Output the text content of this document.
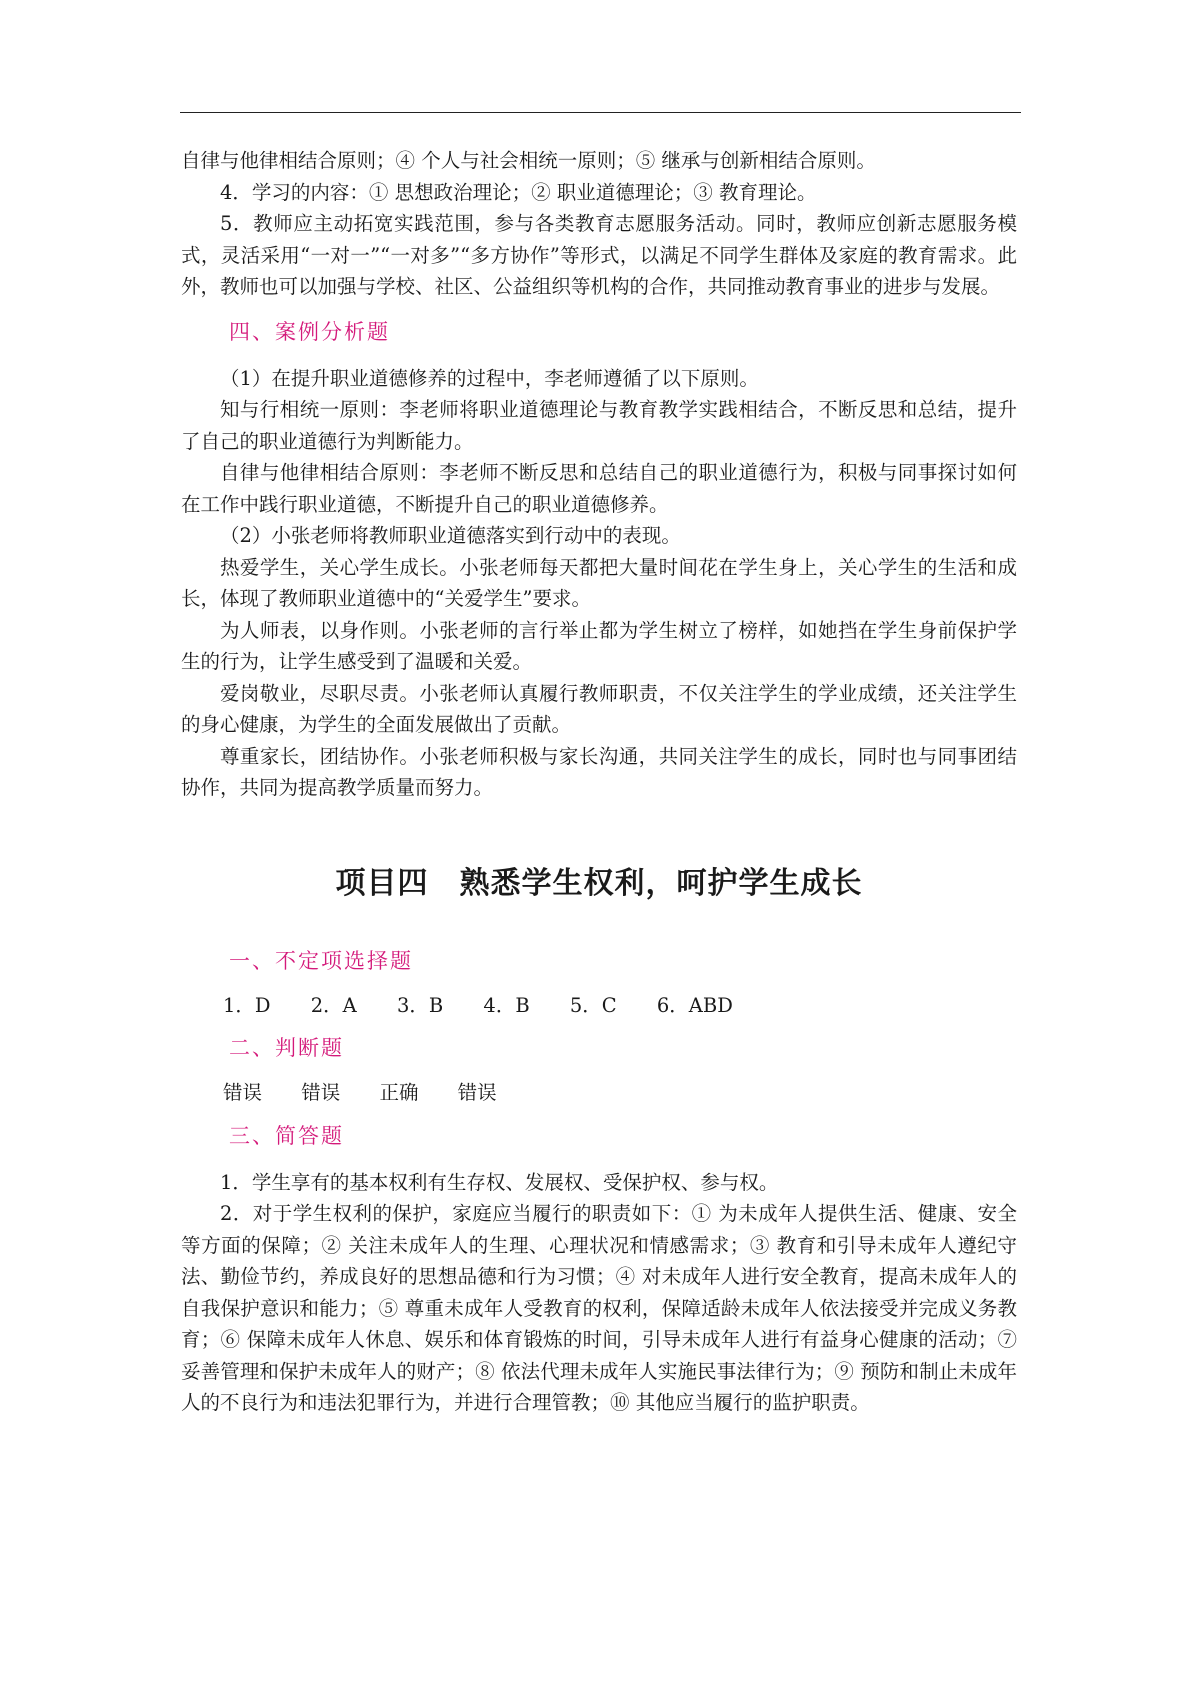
自律与他律相结合原则；④ 个人与社会相统一原则；⑤ 继承与创新相结合原则。

4．学习的内容：① 思想政治理论；② 职业道德理论；③ 教育理论。

5．教师应主动拓宽实践范围，参与各类教育志愿服务活动。同时，教师应创新志愿服务模式，灵活采用“一对一”“一对多”“多方协作”等形式，以满足不同学生群体及家庭的教育需求。此外，教师也可以加强与学校、社区、公益组织等机构的合作，共同推动教育事业的进步与发展。

四、案例分析题

（1）在提升职业道德修养的过程中，李老师遵循了以下原则。

知与行相统一原则：李老师将职业道德理论与教育教学实践相结合，不断反思和总结，提升了自己的职业道德行为判断能力。

自律与他律相结合原则：李老师不断反思和总结自己的职业道德行为，积极与同事探讨如何在工作中践行职业道德，不断提升自己的职业道德修养。

（2）小张老师将教师职业道德落实到行动中的表现。

热爱学生，关心学生成长。小张老师每天都把大量时间花在学生身上，关心学生的生活和成长，体现了教师职业道德中的“关爱学生”要求。

为人师表，以身作则。小张老师的言行举止都为学生树立了榜样，如她挡在学生身前保护学生的行为，让学生感受到了温暖和关爱。

爱岗敬业，尽职尽责。小张老师认真履行教师职责，不仅关注学生的学业成绩，还关注学生的身心健康，为学生的全面发展做出了贡献。

尊重家长，团结协作。小张老师积极与家长沟通，共同关注学生的成长，同时也与同事团结协作，共同为提高教学质量而努力。

项目四　熟悉学生权利，呵护学生成长

一、不定项选择题

1．D 2．A 3．B 4．B 5．C 6．ABD

二、判断题

错误 错误 正确 错误

三、简答题

1．学生享有的基本权利有生存权、发展权、受保护权、参与权。

2．对于学生权利的保护，家庭应当履行的职责如下：① 为未成年人提供生活、健康、安全等方面的保障；② 关注未成年人的生理、心理状况和情感需求；③ 教育和引导未成年人遵纪守法、勤俭节约，养成良好的思想品德和行为习惯；④ 对未成年人进行安全教育，提高未成年人的自我保护意识和能力；⑤ 尊重未成年人受教育的权利，保障适龄未成年人依法接受并完成义务教育；⑥ 保障未成年人休息、娱乐和体育锻炼的时间，引导未成年人进行有益身心健康的活动；⑦ 妥善管理和保护未成年人的财产；⑧ 依法代理未成年人实施民事法律行为；⑨ 预防和制止未成年人的不良行为和违法犯罪行为，并进行合理管教；⑩ 其他应当履行的监护职责。
